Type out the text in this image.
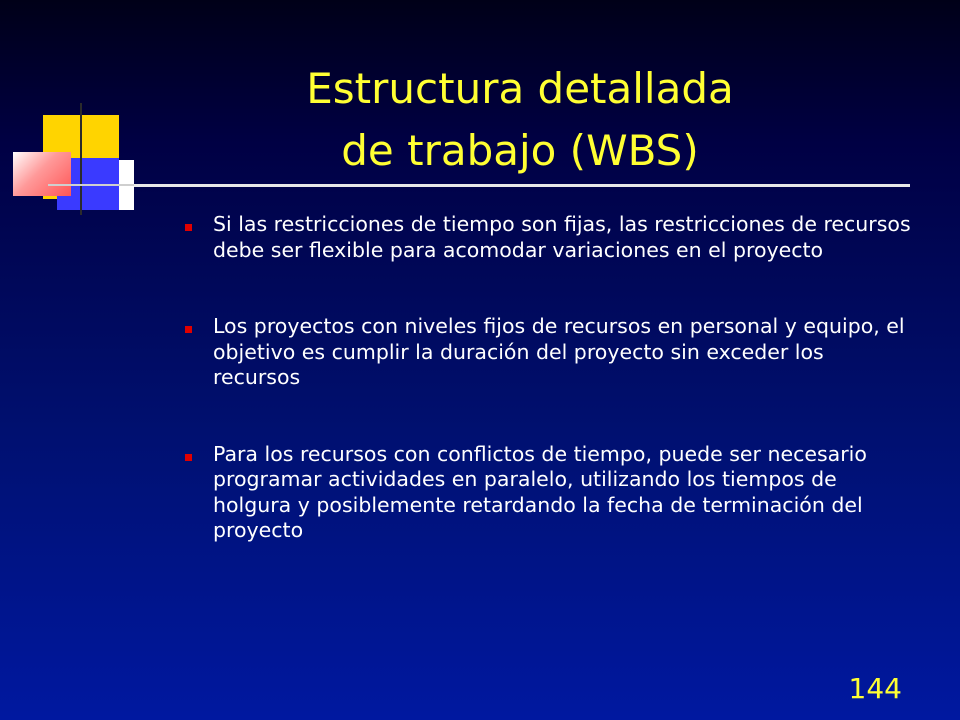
Estructura detallada
de trabajo (WBS)
Si las restricciones de tiempo son fijas, las restricciones de recursos debe ser flexible para acomodar variaciones en el proyecto
Los proyectos con niveles fijos de recursos en personal y equipo, el objetivo es cumplir la duración del proyecto sin exceder los recursos
Para los recursos con conflictos de tiempo, puede ser necesario programar actividades en paralelo, utilizando los tiempos de holgura y posiblemente retardando la fecha de terminación del proyecto
144
